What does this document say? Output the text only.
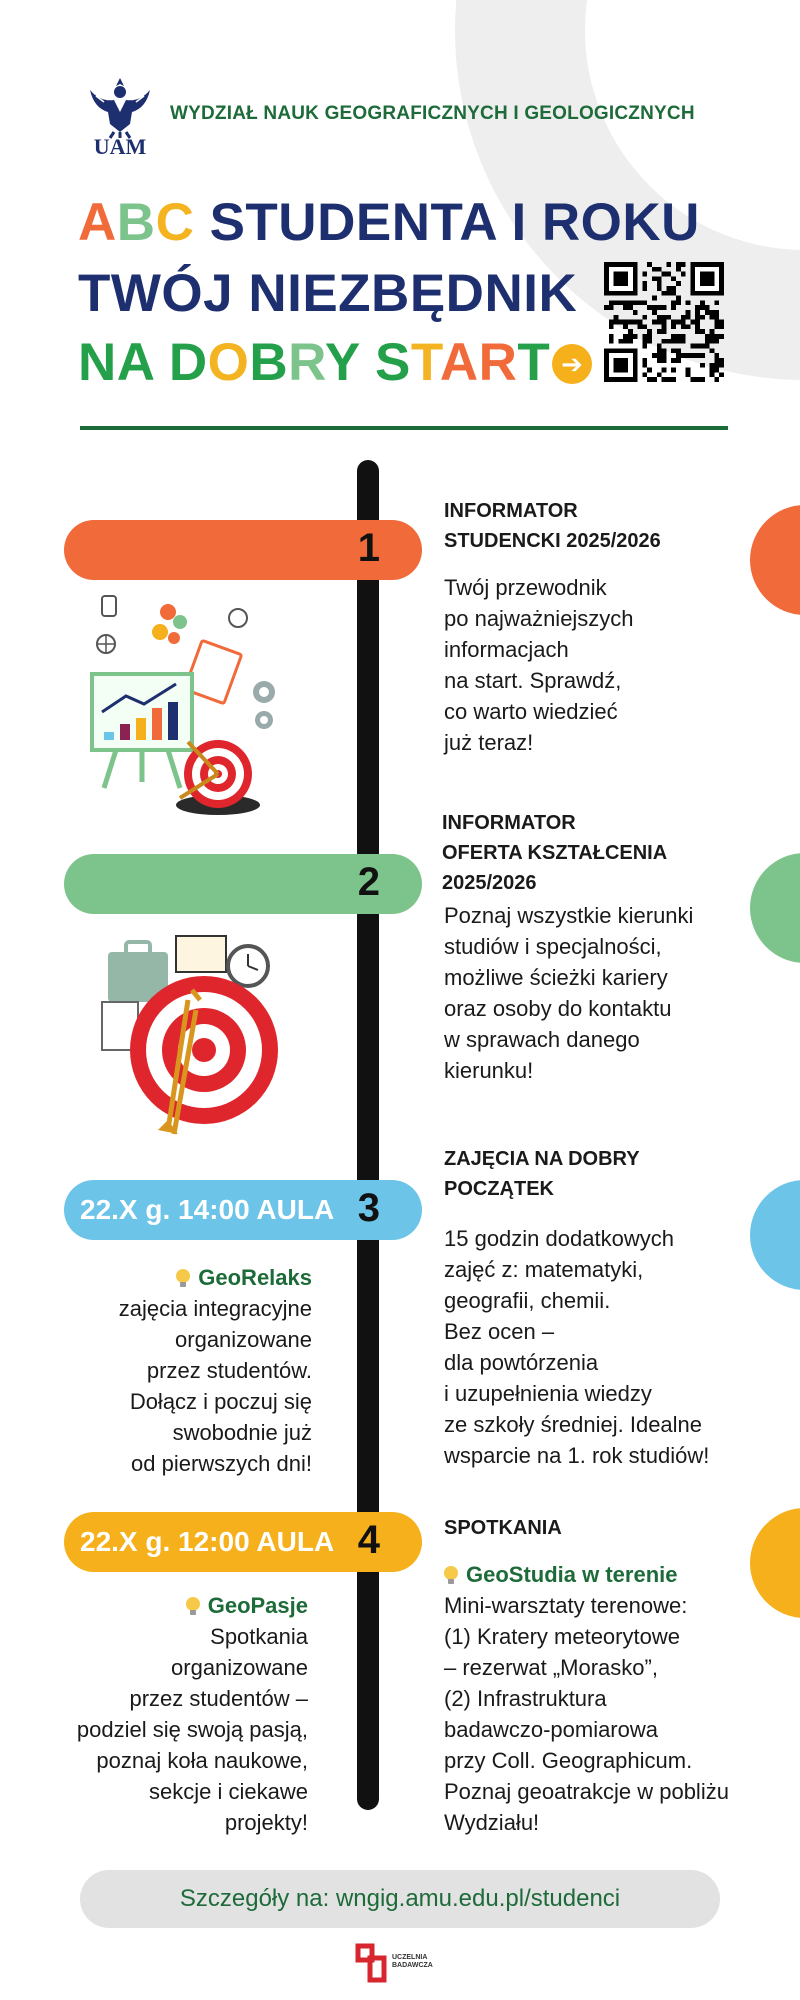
UAM
WYDZIAŁ NAUK GEOGRAFICZNYCH I GEOLOGICZNYCH
ABC STUDENTA I ROKU
TWÓJ NIEZBĘDNIK
NA DOBRY START ➔
1
INFORMATOR
STUDENCKI 2025/2026
Twój przewodnik
po najważniejszych
informacjach
na start. Sprawdź,
co warto wiedzieć
już teraz!
2
INFORMATOR
OFERTA KSZTAŁCENIA
2025/2026
Poznaj wszystkie kierunki
studiów i specjalności,
możliwe ścieżki kariery
oraz osoby do kontaktu
w sprawach danego
kierunku!
22.X g. 14:00 AULA 3
ZAJĘCIA NA DOBRY
POCZĄTEK
15 godzin dodatkowych
zajęć z: matematyki,
geografii, chemii.
Bez ocen –
dla powtórzenia
i uzupełnienia wiedzy
ze szkoły średniej. Idealne
wsparcie na 1. rok studiów!
GeoRelaks
zajęcia integracyjne
organizowane
przez studentów.
Dołącz i poczuj się
swobodnie już
od pierwszych dni!
22.X g. 12:00 AULA 4	SPOTKANIA
GeoStudia w terenie
Mini-warsztaty terenowe:
(1) Kratery meteorytowe
– rezerwat „Morasko”,
(2) Infrastruktura
badawczo-pomiarowa
przy Coll. Geographicum.
Poznaj geoatrakcje w pobliżu
Wydziału!
GeoPasje
Spotkania
organizowane
przez studentów –
podziel się swoją pasją,
poznaj koła naukowe,
sekcje i ciekawe
projekty!
Szczegóły na: wngig.amu.edu.pl/studenci
UCZELNIA
BADAWCZA
